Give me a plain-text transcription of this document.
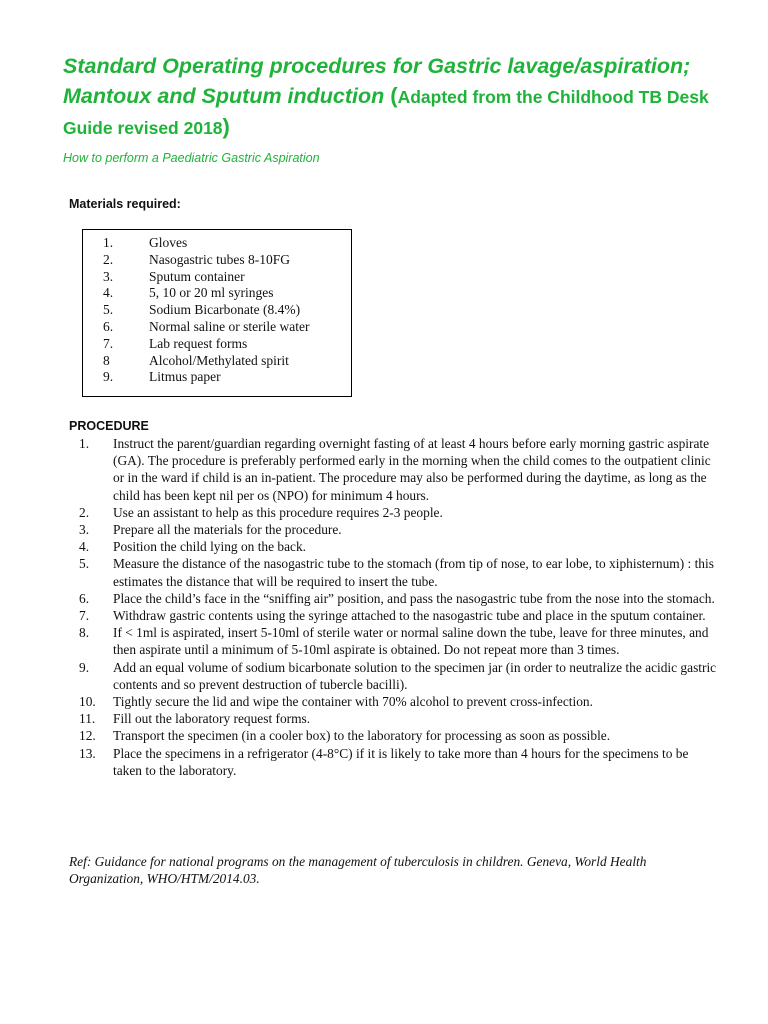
Standard Operating procedures for Gastric lavage/aspiration; Mantoux and Sputum induction (Adapted from the Childhood TB Desk Guide revised 2018)

How to perform a Paediatric Gastric Aspiration

Materials required:

1.	Gloves
2.	Nasogastric tubes 8-10FG
3.	Sputum container
4.	5, 10 or 20 ml syringes
5.	Sodium Bicarbonate (8.4%)
6.	Normal saline or sterile water
7.	Lab request forms
8	Alcohol/Methylated spirit
9.	Litmus paper

PROCEDURE

1.	Instruct the parent/guardian regarding overnight fasting of at least 4 hours before early morning gastric aspirate (GA). The procedure is preferably performed early in the morning when the child comes to the outpatient clinic or in the ward if child is an in-patient. The procedure may also be performed during the daytime, as long as the child has been kept nil per os (NPO) for minimum 4 hours.
2.	Use an assistant to help as this procedure requires 2-3 people.
3.	Prepare all the materials for the procedure.
4.	Position the child lying on the back.
5.	Measure the distance of the nasogastric tube to the stomach (from tip of nose, to ear lobe, to xiphisternum) : this estimates the distance that will be required to insert the tube.
6.	Place the child’s face in the “sniffing air” position, and pass the nasogastric tube from the nose into the stomach.
7.	Withdraw gastric contents using the syringe attached to the nasogastric tube and place in the sputum container.
8.	If < 1ml is aspirated, insert 5-10ml of sterile water or normal saline down the tube, leave for three minutes, and then aspirate until a minimum of 5-10ml aspirate is obtained. Do not repeat more than 3 times.
9.	Add an equal volume of sodium bicarbonate solution to the specimen jar (in order to neutralize the acidic gastric contents and so prevent destruction of tubercle bacilli).
10.	Tightly secure the lid and wipe the container with 70% alcohol to prevent cross-infection.
11.	Fill out the laboratory request forms.
12.	Transport the specimen (in a cooler box) to the laboratory for processing as soon as possible.
13.	Place the specimens in a refrigerator (4-8°C) if it is likely to take more than 4 hours for the specimens to be taken to the laboratory.

Ref: Guidance for national programs on the management of tuberculosis in children. Geneva, World Health Organization, WHO/HTM/2014.03.
